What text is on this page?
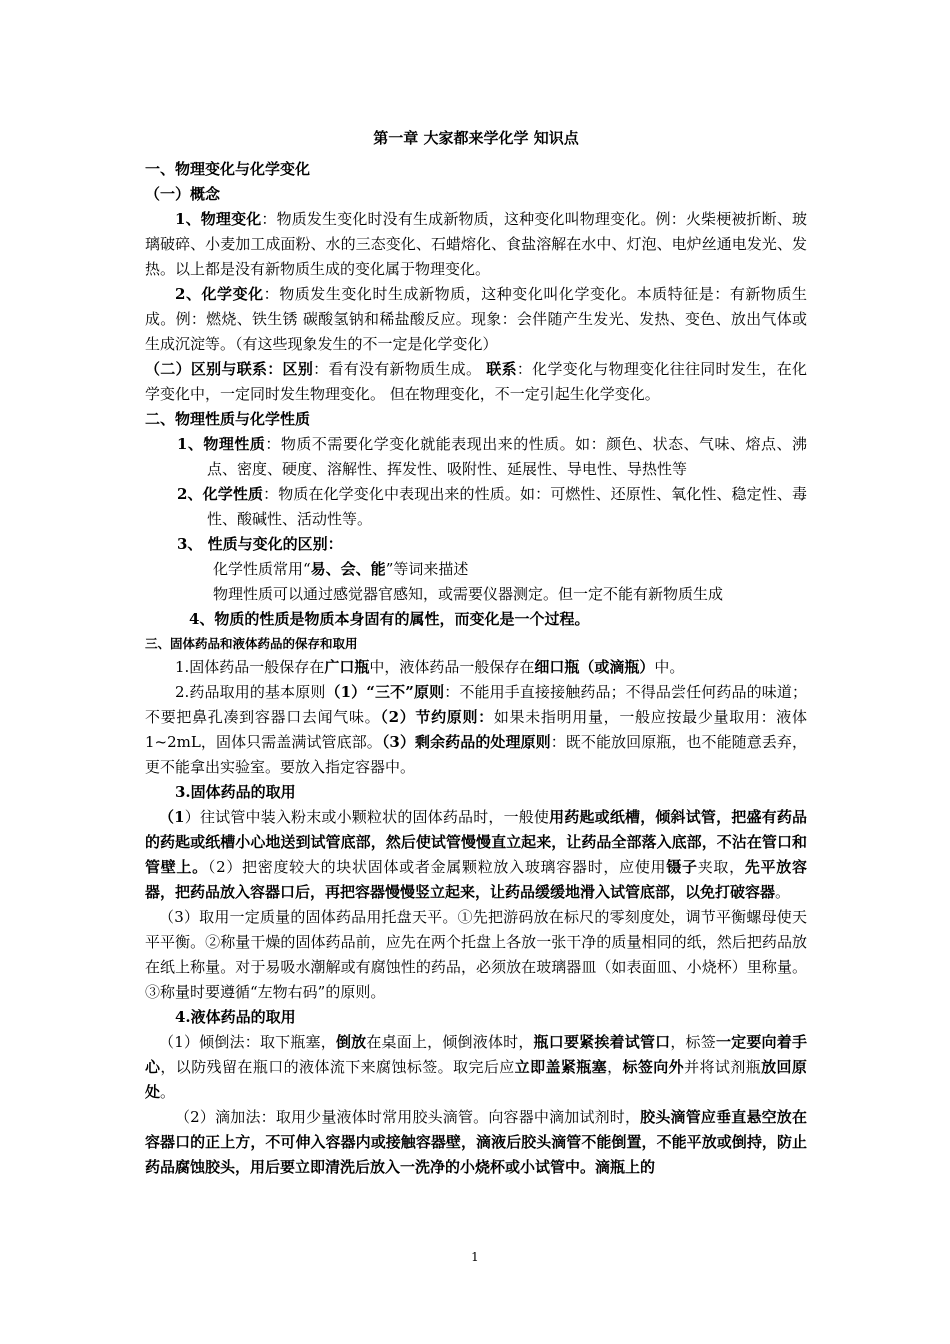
第一章 大家都来学化学 知识点

一、物理变化与化学变化

（一）概念

1、物理变化：物质发生变化时没有生成新物质，这种变化叫物理变化。例：火柴梗被折断、玻璃破碎、小麦加工成面粉、水的三态变化、石蜡熔化、食盐溶解在水中、灯泡、电炉丝通电发光、发热。以上都是没有新物质生成的变化属于物理变化。

2、化学变化：物质发生变化时生成新物质，这种变化叫化学变化。本质特征是：有新物质生成。例：燃烧、铁生锈 碳酸氢钠和稀盐酸反应。现象：会伴随产生发光、发热、变色、放出气体或生成沉淀等。（有这些现象发生的不一定是化学变化）

（二）区别与联系：区别：看有没有新物质生成。 联系：化学变化与物理变化往往同时发生，在化学变化中，一定同时发生物理变化。 但在物理变化，不一定引起生化学变化。

二、物理性质与化学性质

1、物理性质：物质不需要化学变化就能表现出来的性质。如：颜色、状态、气味、熔点、沸点、密度、硬度、溶解性、挥发性、吸附性、延展性、导电性、导热性等

2、化学性质：物质在化学变化中表现出来的性质。如：可燃性、还原性、氧化性、稳定性、毒性、酸碱性、活动性等。

3、 性质与变化的区别：

化学性质常用“易、会、能”等词来描述

物理性质可以通过感觉器官感知，或需要仪器测定。但一定不能有新物质生成

4、物质的性质是物质本身固有的属性，而变化是一个过程。

三、固体药品和液体药品的保存和取用

1.固体药品一般保存在广口瓶中，液体药品一般保存在细口瓶（或滴瓶）中。

2.药品取用的基本原则（1）“三不”原则：不能用手直接接触药品；不得品尝任何药品的味道；不要把鼻孔凑到容器口去闻气味。（2）节约原则：如果未指明用量，一般应按最少量取用：液体1~2mL，固体只需盖满试管底部。（3）剩余药品的处理原则：既不能放回原瓶，也不能随意丢弃，更不能拿出实验室。要放入指定容器中。

3.固体药品的取用

（1）往试管中装入粉末或小颗粒状的固体药品时，一般使用药匙或纸槽，倾斜试管，把盛有药品的药匙或纸槽小心地送到试管底部，然后使试管慢慢直立起来，让药品全部落入底部，不沾在管口和管壁上。（2）把密度较大的块状固体或者金属颗粒放入玻璃容器时，应使用镊子夹取，先平放容器，把药品放入容器口后，再把容器慢慢竖立起来，让药品缓缓地滑入试管底部，以免打破容器。

（3）取用一定质量的固体药品用托盘天平。①先把游码放在标尺的零刻度处，调节平衡螺母使天平平衡。②称量干燥的固体药品前，应先在两个托盘上各放一张干净的质量相同的纸，然后把药品放在纸上称量。对于易吸水潮解或有腐蚀性的药品，必须放在玻璃器皿（如表面皿、小烧杯）里称量。③称量时要遵循“左物右码”的原则。

4.液体药品的取用

（1）倾倒法：取下瓶塞，倒放在桌面上，倾倒液体时，瓶口要紧挨着试管口，标签一定要向着手心，以防残留在瓶口的液体流下来腐蚀标签。取完后应立即盖紧瓶塞，标签向外并将试剂瓶放回原处。

（2）滴加法：取用少量液体时常用胶头滴管。向容器中滴加试剂时，胶头滴管应垂直悬空放在容器口的正上方，不可伸入容器内或接触容器壁，滴液后胶头滴管不能倒置，不能平放或倒持，防止药品腐蚀胶头，用后要立即清洗后放入一洗净的小烧杯或小试管中。滴瓶上的

1
